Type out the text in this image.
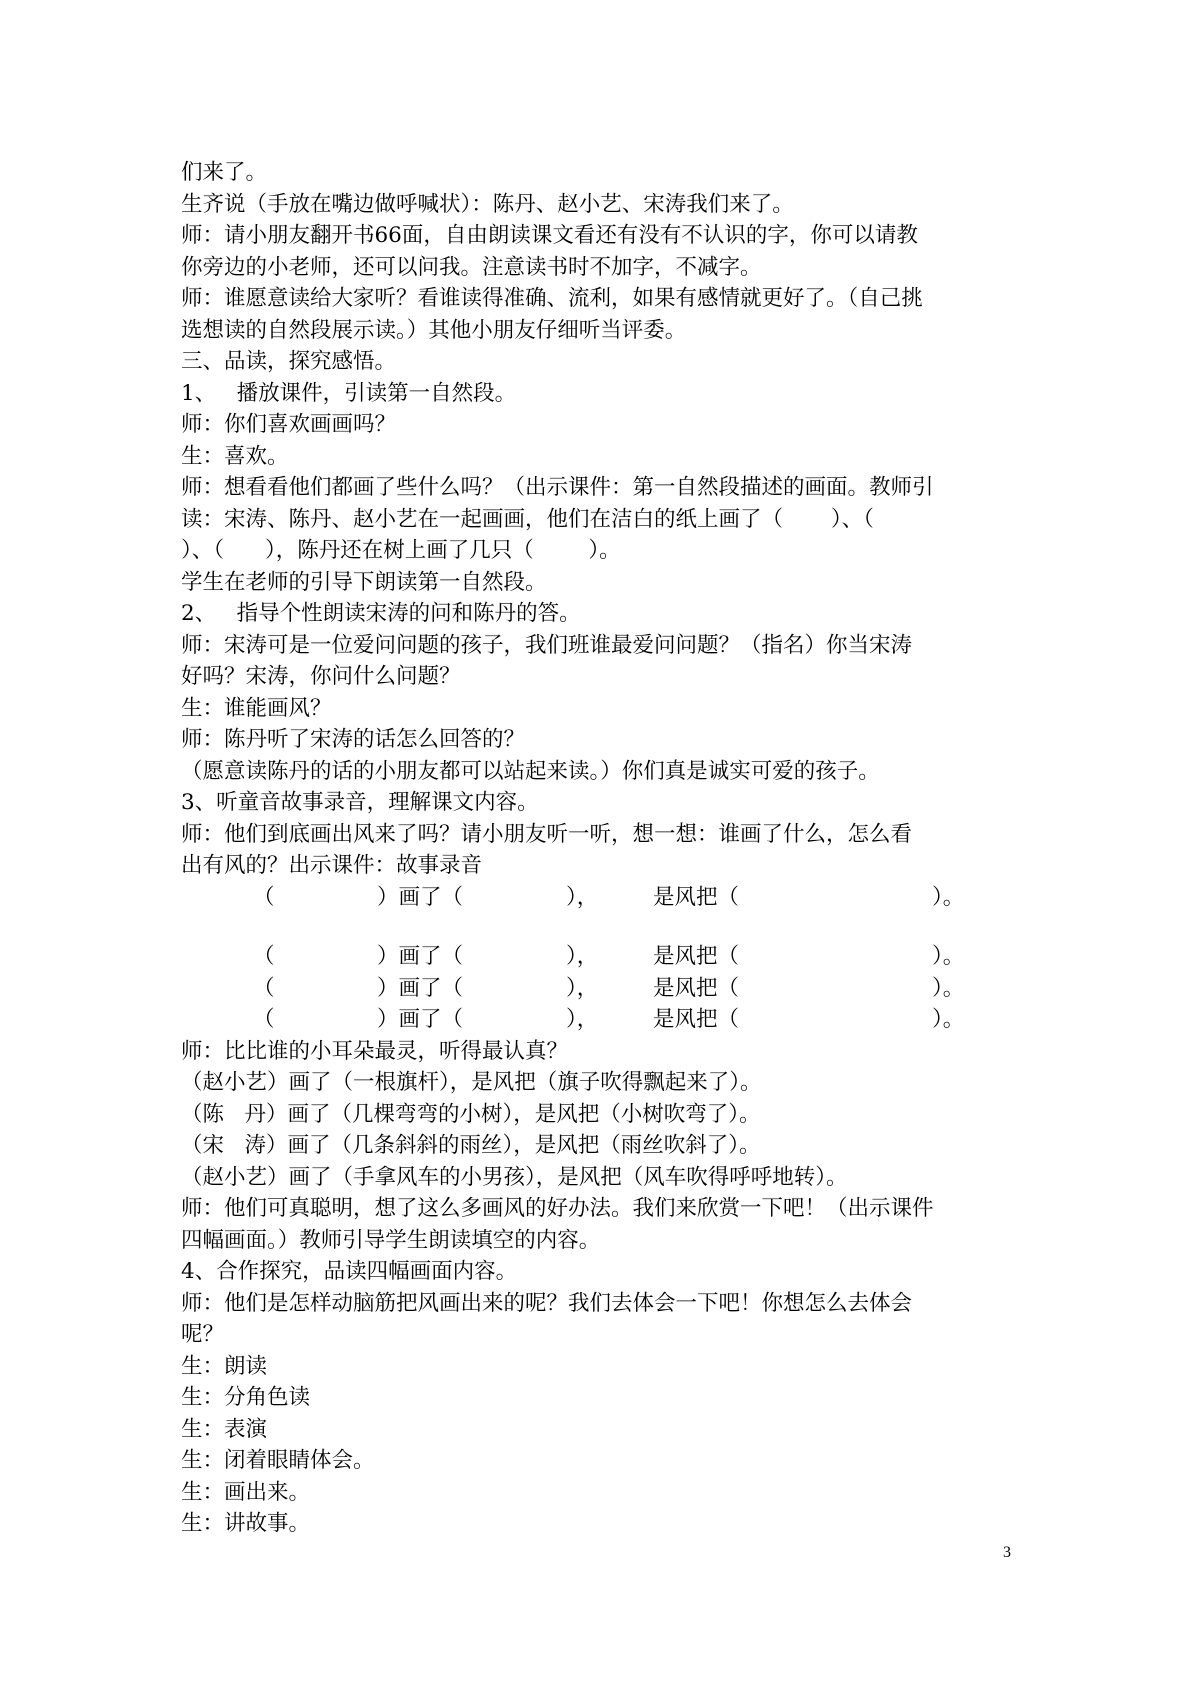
们来了。
生齐说（手放在嘴边做呼喊状）：陈丹、赵小艺、宋涛我们来了。
师：请小朋友翻开书66面，自由朗读课文看还有没有不认识的字，你可以请教
你旁边的小老师，还可以问我。注意读书时不加字，不减字。
师：谁愿意读给大家听？看谁读得准确、流利，如果有感情就更好了。（自己挑
选想读的自然段展示读。）其他小朋友仔细听当评委。
三、品读，探究感悟。
1、   播放课件，引读第一自然段。
师：你们喜欢画画吗？
生：喜欢。
师：想看看他们都画了些什么吗？（出示课件：第一自然段描述的画面。教师引
读：宋涛、陈丹、赵小艺在一起画画，他们在洁白的纸上画了（       ）、（
）、（      ），陈丹还在树上画了几只（        ）。
学生在老师的引导下朗读第一自然段。
2、   指导个性朗读宋涛的问和陈丹的答。
师：宋涛可是一位爱问问题的孩子，我们班谁最爱问问题？（指名）你当宋涛
好吗？宋涛，你问什么问题？
生：谁能画风？
师：陈丹听了宋涛的话怎么回答的？
（愿意读陈丹的话的小朋友都可以站起来读。）你们真是诚实可爱的孩子。
3、听童音故事录音，理解课文内容。
师：他们到底画出风来了吗？请小朋友听一听，想一想：谁画了什么，怎么看
出有风的？出示课件：故事录音
（	）画了（	），	是风把（	）。
（	）画了（	），	是风把（	）。
（	）画了（	），	是风把（	）。
（	）画了（	），	是风把（	）。
师：比比谁的小耳朵最灵，听得最认真？
（赵小艺）画了（一根旗杆），是风把（旗子吹得飘起来了）。
（陈   丹）画了（几棵弯弯的小树），是风把（小树吹弯了）。
（宋   涛）画了（几条斜斜的雨丝），是风把（雨丝吹斜了）。
（赵小艺）画了（手拿风车的小男孩），是风把（风车吹得呼呼地转）。
师：他们可真聪明，想了这么多画风的好办法。我们来欣赏一下吧！（出示课件
四幅画面。）教师引导学生朗读填空的内容。
4、合作探究，品读四幅画面内容。
师：他们是怎样动脑筋把风画出来的呢？我们去体会一下吧！你想怎么去体会
呢？
生：朗读
生：分角色读
生：表演
生：闭着眼睛体会。
生：画出来。
生：讲故事。
3
